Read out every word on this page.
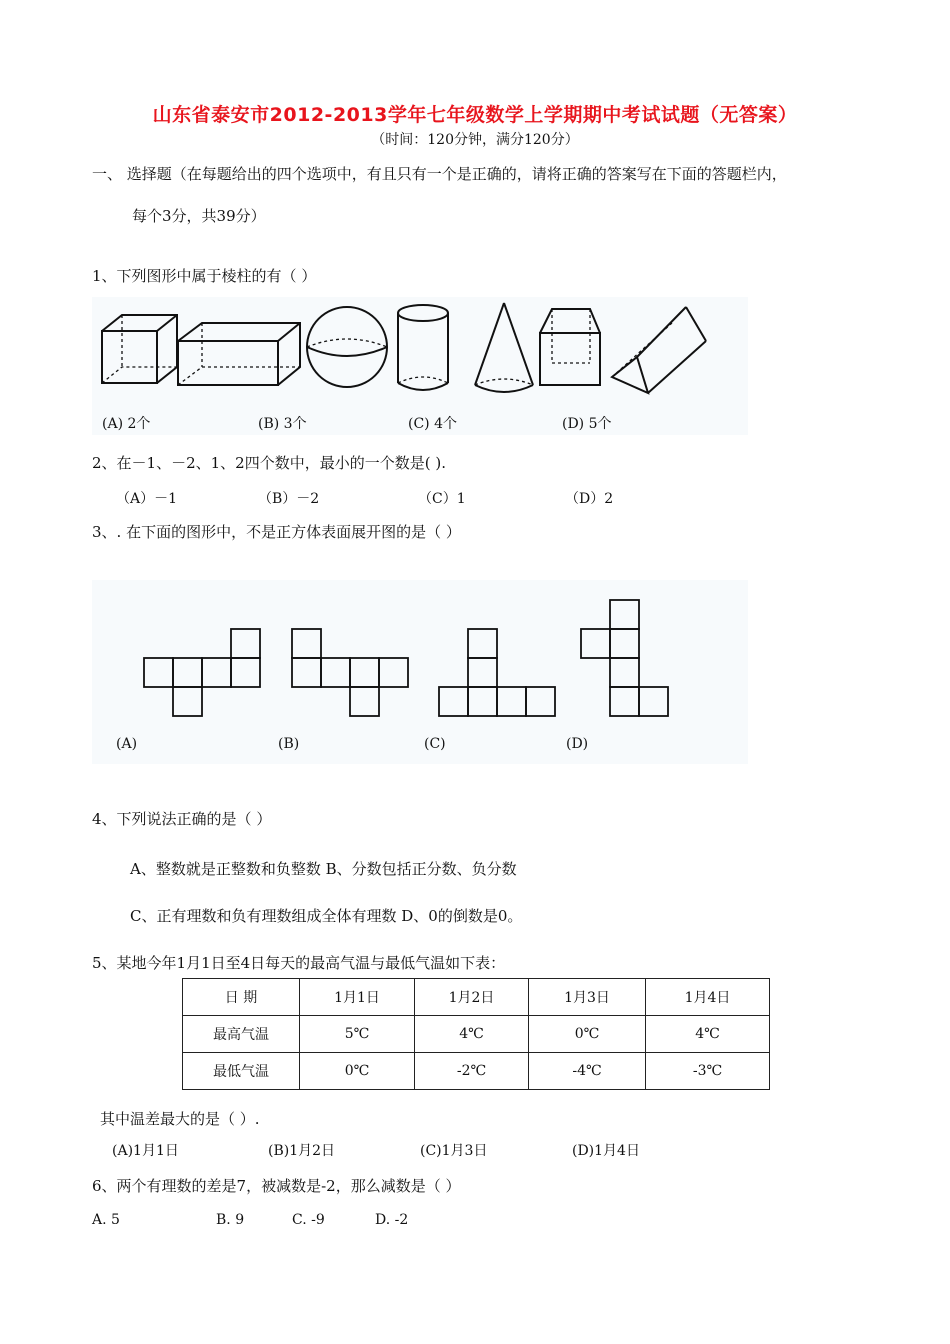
山东省泰安市2012-2013学年七年级数学上学期期中考试试题（无答案）
（时间：120分钟，满分120分）
一、 选择题（在每题给出的四个选项中，有且只有一个是正确的，请将正确的答案写在下面的答题栏内，
每个3分，共39分）
1、下列图形中属于棱柱的有（ ）
(A) 2个	(B) 3个	(C) 4个	(D) 5个
2、在－1、－2、1、2四个数中，最小的一个数是( ).
（A）－1	（B）－2	（C）1	（D）2
3、. 在下面的图形中，不是正方体表面展开图的是（ ）
(A)	(B)	(C)	(D)
4、下列说法正确的是（ ）
A、整数就是正整数和负整数 B、分数包括正分数、负分数
C、正有理数和负有理数组成全体有理数 D、0的倒数是0。
5、某地今年1月1日至4日每天的最高气温与最低气温如下表：
日 期	1月1日	1月2日	1月3日	1月4日
最高气温	5℃	4℃	0℃	4℃
最低气温	0℃	-2℃	-4℃	-3℃
其中温差最大的是（ ）.
(A)1月1日	(B)1月2日	(C)1月3日	(D)1月4日
6、两个有理数的差是7，被减数是-2，那么减数是（ ）
A. 5	B. 9	C. -9	D. -2
